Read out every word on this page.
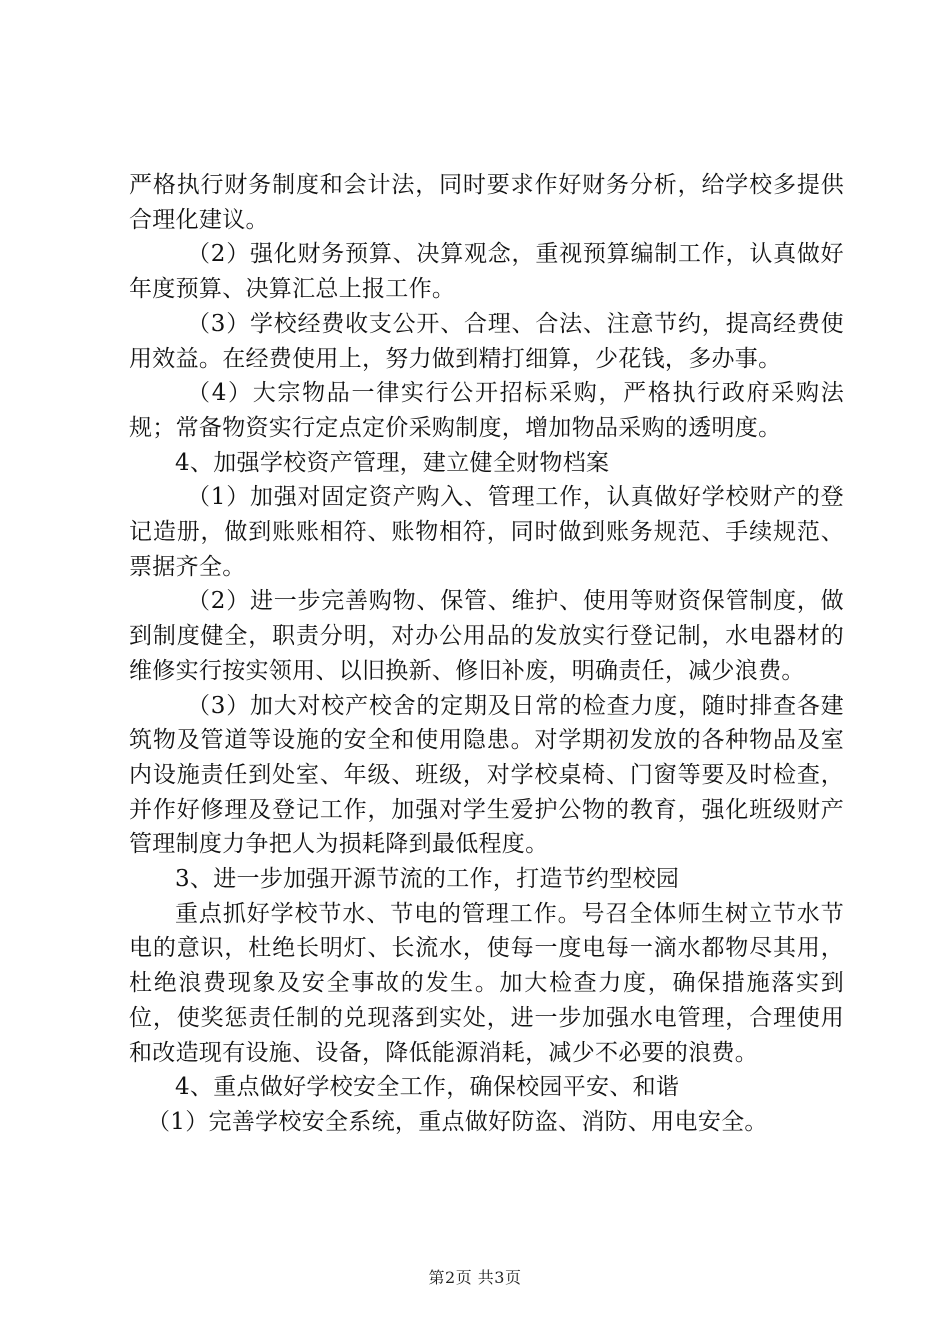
严格执行财务制度和会计法，同时要求作好财务分析，给学校多提供合理化建议。

（2）强化财务预算、决算观念，重视预算编制工作，认真做好年度预算、决算汇总上报工作。

（3）学校经费收支公开、合理、合法、注意节约，提高经费使用效益。在经费使用上，努力做到精打细算，少花钱，多办事。

（4）大宗物品一律实行公开招标采购，严格执行政府采购法规；常备物资实行定点定价采购制度，增加物品采购的透明度。

4、加强学校资产管理，建立健全财物档案

（1）加强对固定资产购入、管理工作，认真做好学校财产的登记造册，做到账账相符、账物相符，同时做到账务规范、手续规范、票据齐全。

（2）进一步完善购物、保管、维护、使用等财资保管制度，做到制度健全，职责分明，对办公用品的发放实行登记制，水电器材的维修实行按实领用、以旧换新、修旧补废，明确责任，减少浪费。

（3）加大对校产校舍的定期及日常的检查力度，随时排查各建筑物及管道等设施的安全和使用隐患。对学期初发放的各种物品及室内设施责任到处室、年级、班级，对学校桌椅、门窗等要及时检查，并作好修理及登记工作，加强对学生爱护公物的教育，强化班级财产管理制度力争把人为损耗降到最低程度。

3、进一步加强开源节流的工作，打造节约型校园

重点抓好学校节水、节电的管理工作。号召全体师生树立节水节电的意识，杜绝长明灯、长流水，使每一度电每一滴水都物尽其用，杜绝浪费现象及安全事故的发生。加大检查力度，确保措施落实到位，使奖惩责任制的兑现落到实处，进一步加强水电管理，合理使用和改造现有设施、设备，降低能源消耗，减少不必要的浪费。

4、重点做好学校安全工作，确保校园平安、和谐

（1）完善学校安全系统，重点做好防盗、消防、用电安全。

第2页 共3页
